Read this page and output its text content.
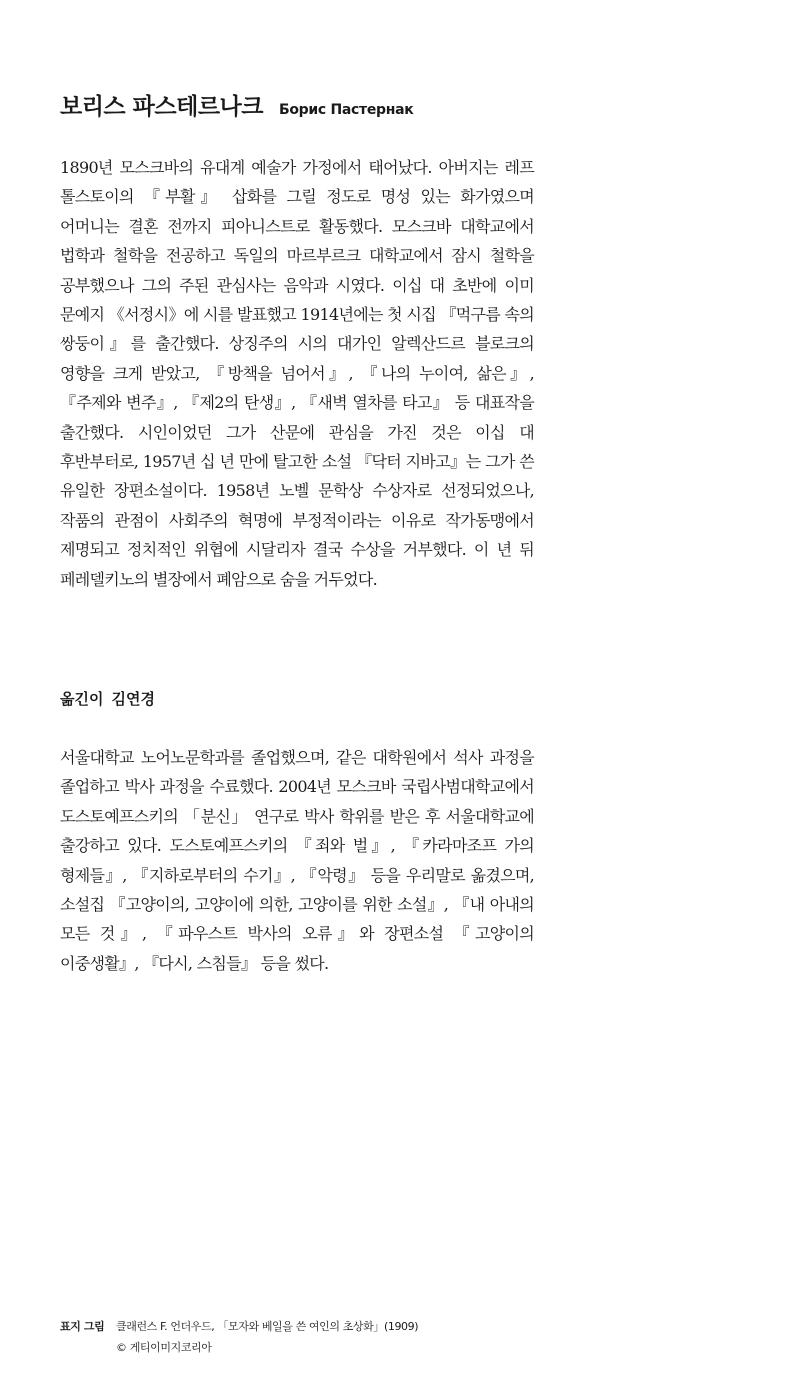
보리스 파스테르나크 Борис Пастернак

1890년 모스크바의 유대계 예술가 가정에서 태어났다. 아버지는 레프 톨스토이의 『부활』 삽화를 그릴 정도로 명성 있는 화가였으며 어머니는 결혼 전까지 피아니스트로 활동했다. 모스크바 대학교에서 법학과 철학을 전공하고 독일의 마르부르크 대학교에서 잠시 철학을 공부했으나 그의 주된 관심사는 음악과 시였다. 이십 대 초반에 이미 문예지 《서정시》에 시를 발표했고 1914년에는 첫 시집 『먹구름 속의 쌍둥이』를 출간했다. 상징주의 시의 대가인 알렉산드르 블로크의 영향을 크게 받았고, 『방책을 넘어서』, 『나의 누이여, 삶은』, 『주제와 변주』, 『제2의 탄생』, 『새벽 열차를 타고』 등 대표작을 출간했다. 시인이었던 그가 산문에 관심을 가진 것은 이십 대 후반부터로, 1957년 십 년 만에 탈고한 소설 『닥터 지바고』는 그가 쓴 유일한 장편소설이다. 1958년 노벨 문학상 수상자로 선정되었으나, 작품의 관점이 사회주의 혁명에 부정적이라는 이유로 작가동맹에서 제명되고 정치적인 위협에 시달리자 결국 수상을 거부했다. 이 년 뒤 페레델키노의 별장에서 폐암으로 숨을 거두었다.

옮긴이 김연경

서울대학교 노어노문학과를 졸업했으며, 같은 대학원에서 석사 과정을 졸업하고 박사 과정을 수료했다. 2004년 모스크바 국립사범대학교에서 도스토예프스키의 「분신」 연구로 박사 학위를 받은 후 서울대학교에 출강하고 있다. 도스토예프스키의 『죄와 벌』, 『카라마조프 가의 형제들』, 『지하로부터의 수기』, 『악령』 등을 우리말로 옮겼으며, 소설집 『고양이의, 고양이에 의한, 고양이를 위한 소설』, 『내 아내의 모든 것』, 『파우스트 박사의 오류』와 장편소설 『고양이의 이중생활』, 『다시, 스침들』 등을 썼다.

표지 그림 클래런스 F. 언더우드, 「모자와 베일을 쓴 여인의 초상화」(1909)
© 게티이미지코리아
